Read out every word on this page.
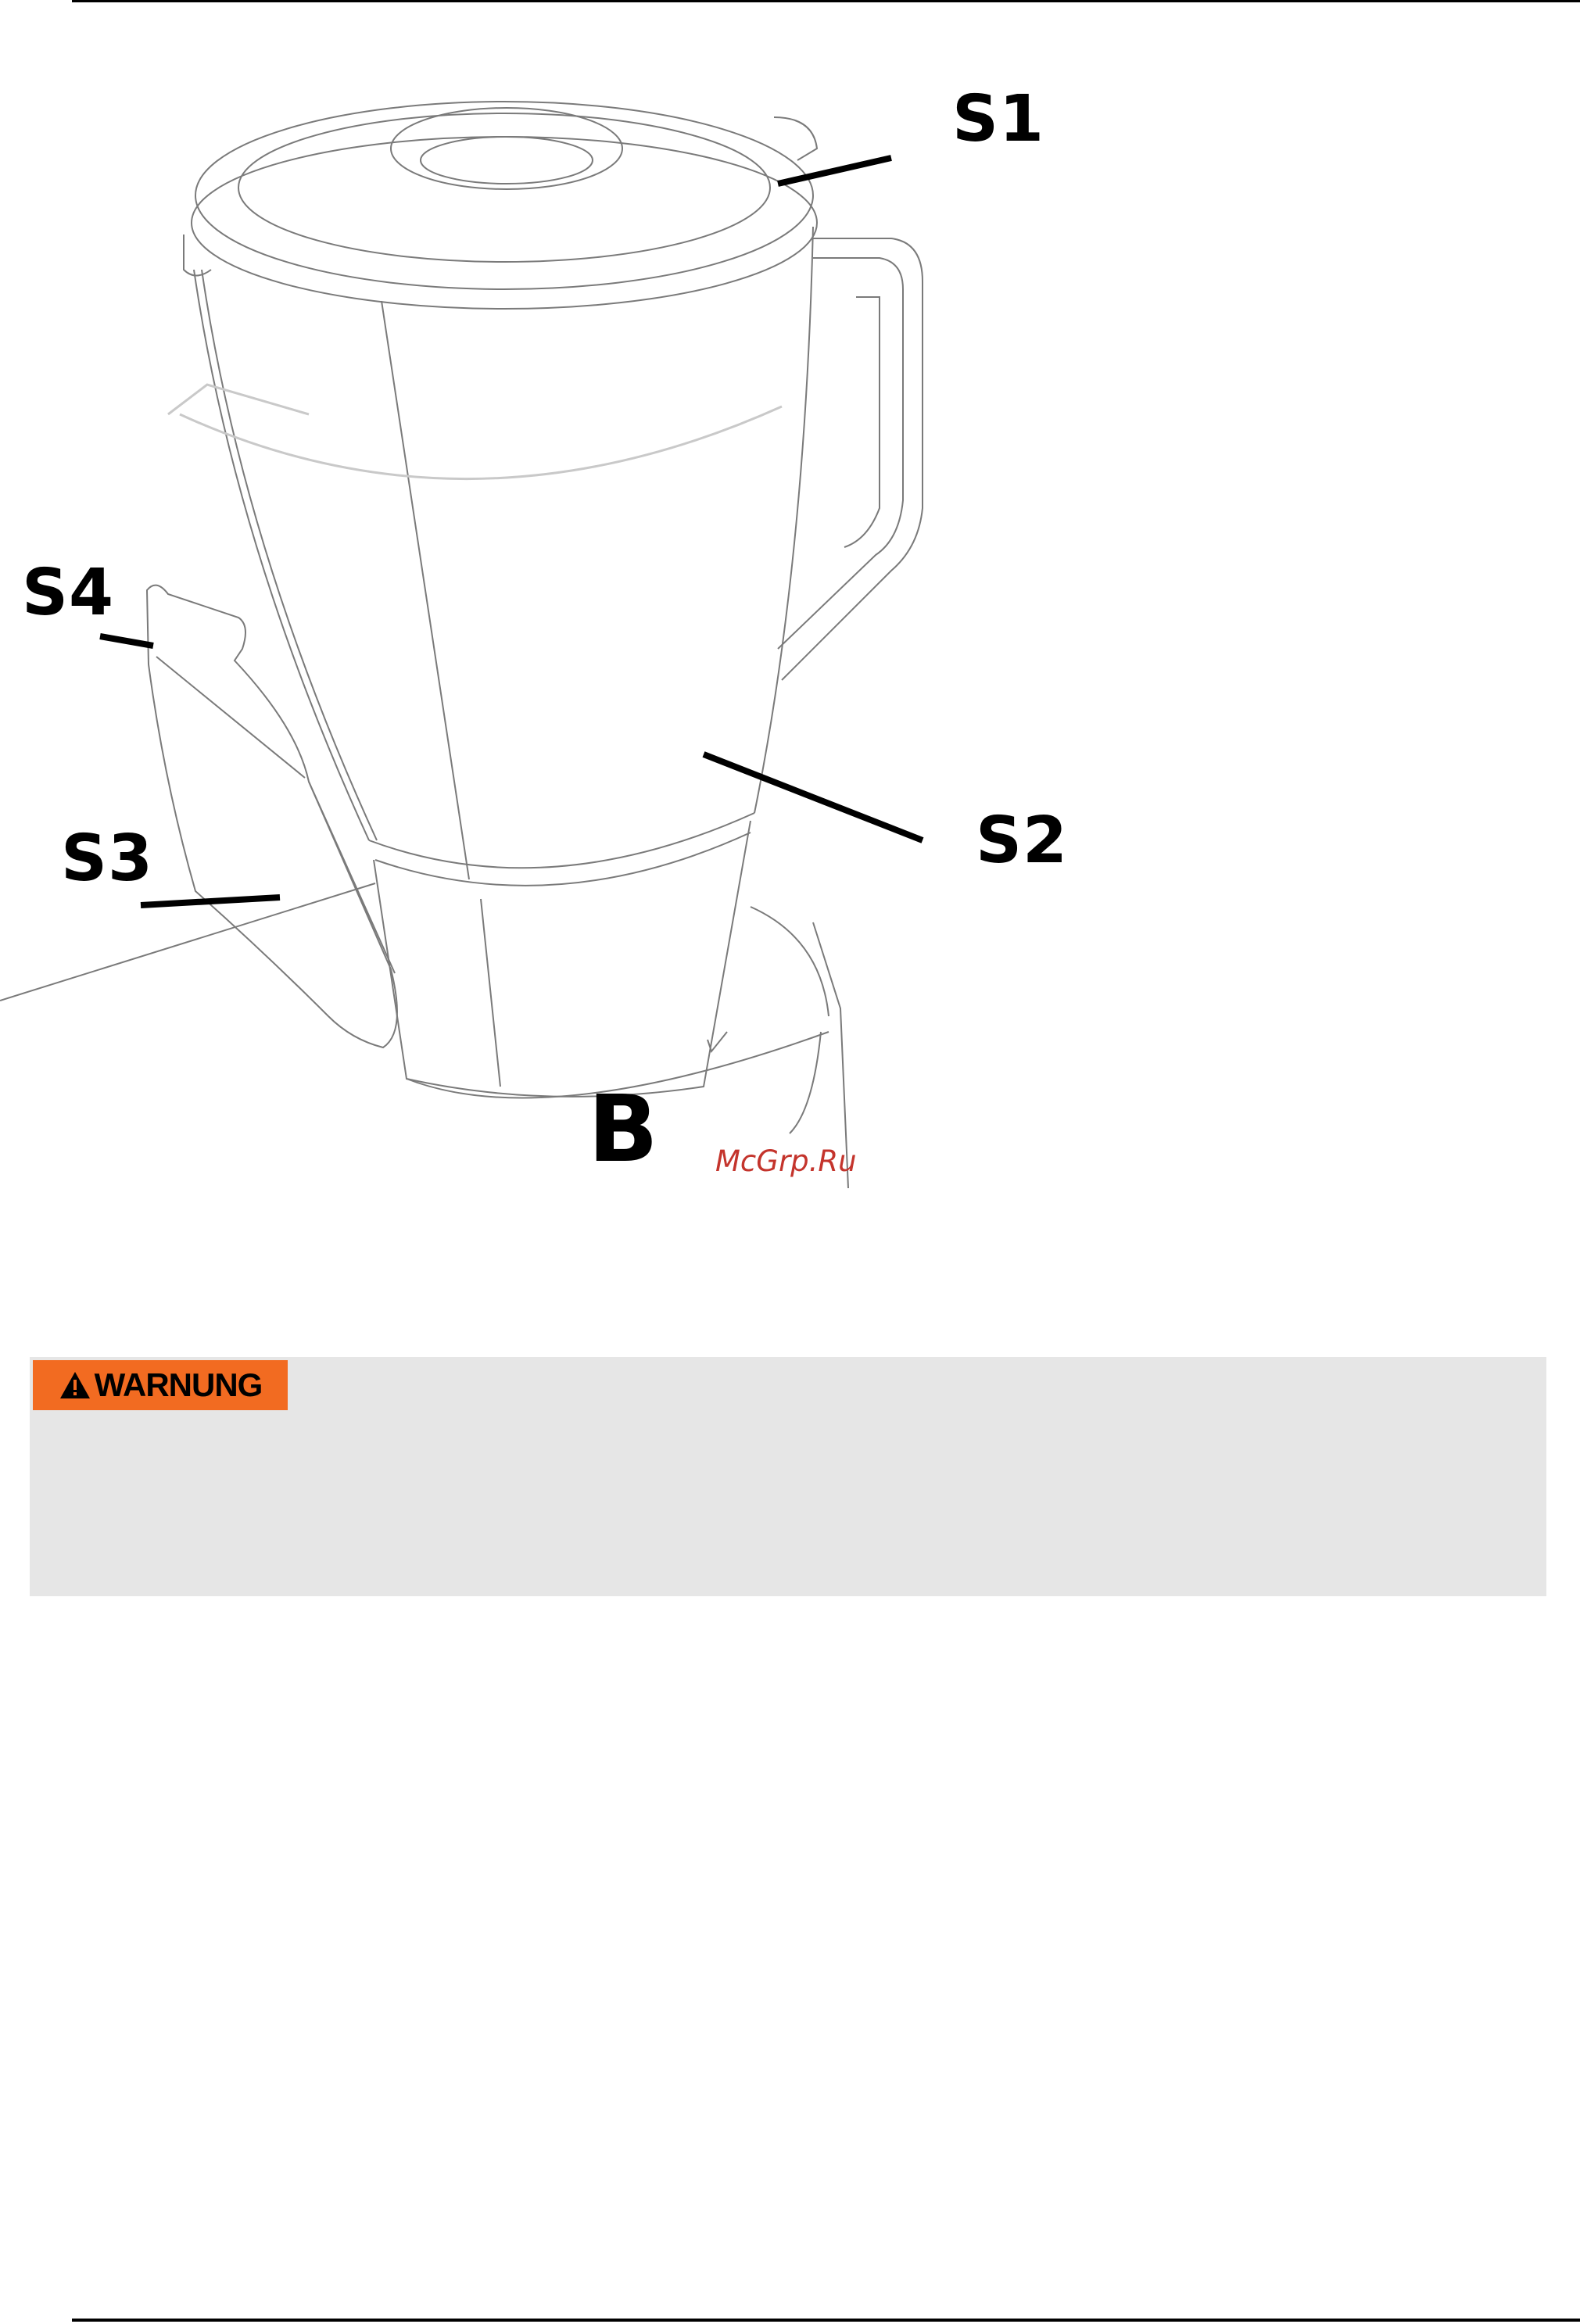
S1
S2
S3
S4
B McGrp.Ru
WARNUNG
